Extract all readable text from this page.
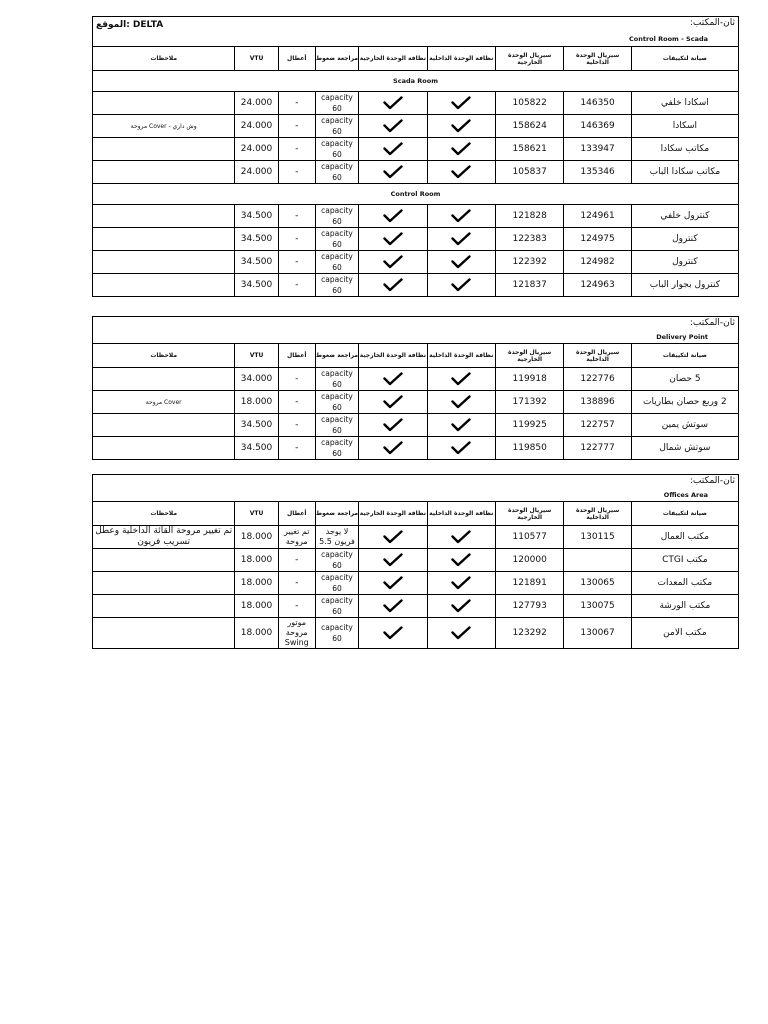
الموقع: DELTA	ثان-المكتب:
Control Room - Scada
ملاحظات	VTU	أعطال	مراجعة ضغوط	نظافة الوحدة الخارجية	نظافة الوحدة الداخلية	سيريال الوحدة الخارجية	سيريال الوحدة الداخلية	صيانة لتكييفات
Scada Room								
	24.000	-	capacity 60			105822	146350	اسكادا خلفي
وش داري - Cover مروحة	24.000	-	capacity 60			158624	146369	اسكادا
	24.000	-	capacity 60			158621	133947	مكاتب سكادا
	24.000	-	capacity 60			105837	135346	مكاتب سكادا الباب
Control Room								
	34.500	-	capacity 60			121828	124961	كنترول خلفي
	34.500	-	capacity 60			122383	124975	كنترول
	34.500	-	capacity 60			122392	124982	كنترول
	34.500	-	capacity 60			121837	124963	كنترول بجوار الباب
ثان-المكتب:
Delivery Point
ملاحظات	VTU	أعطال	مراجعة ضغوط	نظافة الوحدة الخارجية	نظافة الوحدة الداخلية	سيريال الوحدة الخارجية	سيريال الوحدة الداخلية	صيانة لتكييفات
	34.000	-	capacity 60			119918	122776	5 حصان
Cover مروحة	18.000	-	capacity 60			171392	138896	2 وربع حصان بطاريات
	34.500	-	capacity 60			119925	122757	سوتش يمين
	34.500	-	capacity 60			119850	122777	سوتش شمال
ثان-المكتب:
Offices Area
ملاحظات	VTU	أعطال	مراجعة ضغوط	نظافة الوحدة الخارجية	نظافة الوحدة الداخلية	سيريال الوحدة الخارجية	سيريال الوحدة الداخلية	صيانة لتكييفات
تم تغيير مروحة القائة الداخلية وعطل تسريب فريون	18.000	تم تغيير مروحة	لا يوجد فريون 5.5			110577	130115	مكتب العمال
	18.000	-	capacity 60			120000		مكتب CTGI
	18.000	-	capacity 60			121891	130065	مكتب المعدات
	18.000	-	capacity 60			127793	130075	مكتب الورشة
	18.000	موتور مروحة Swing	capacity 60			123292	130067	مكتب الامن
